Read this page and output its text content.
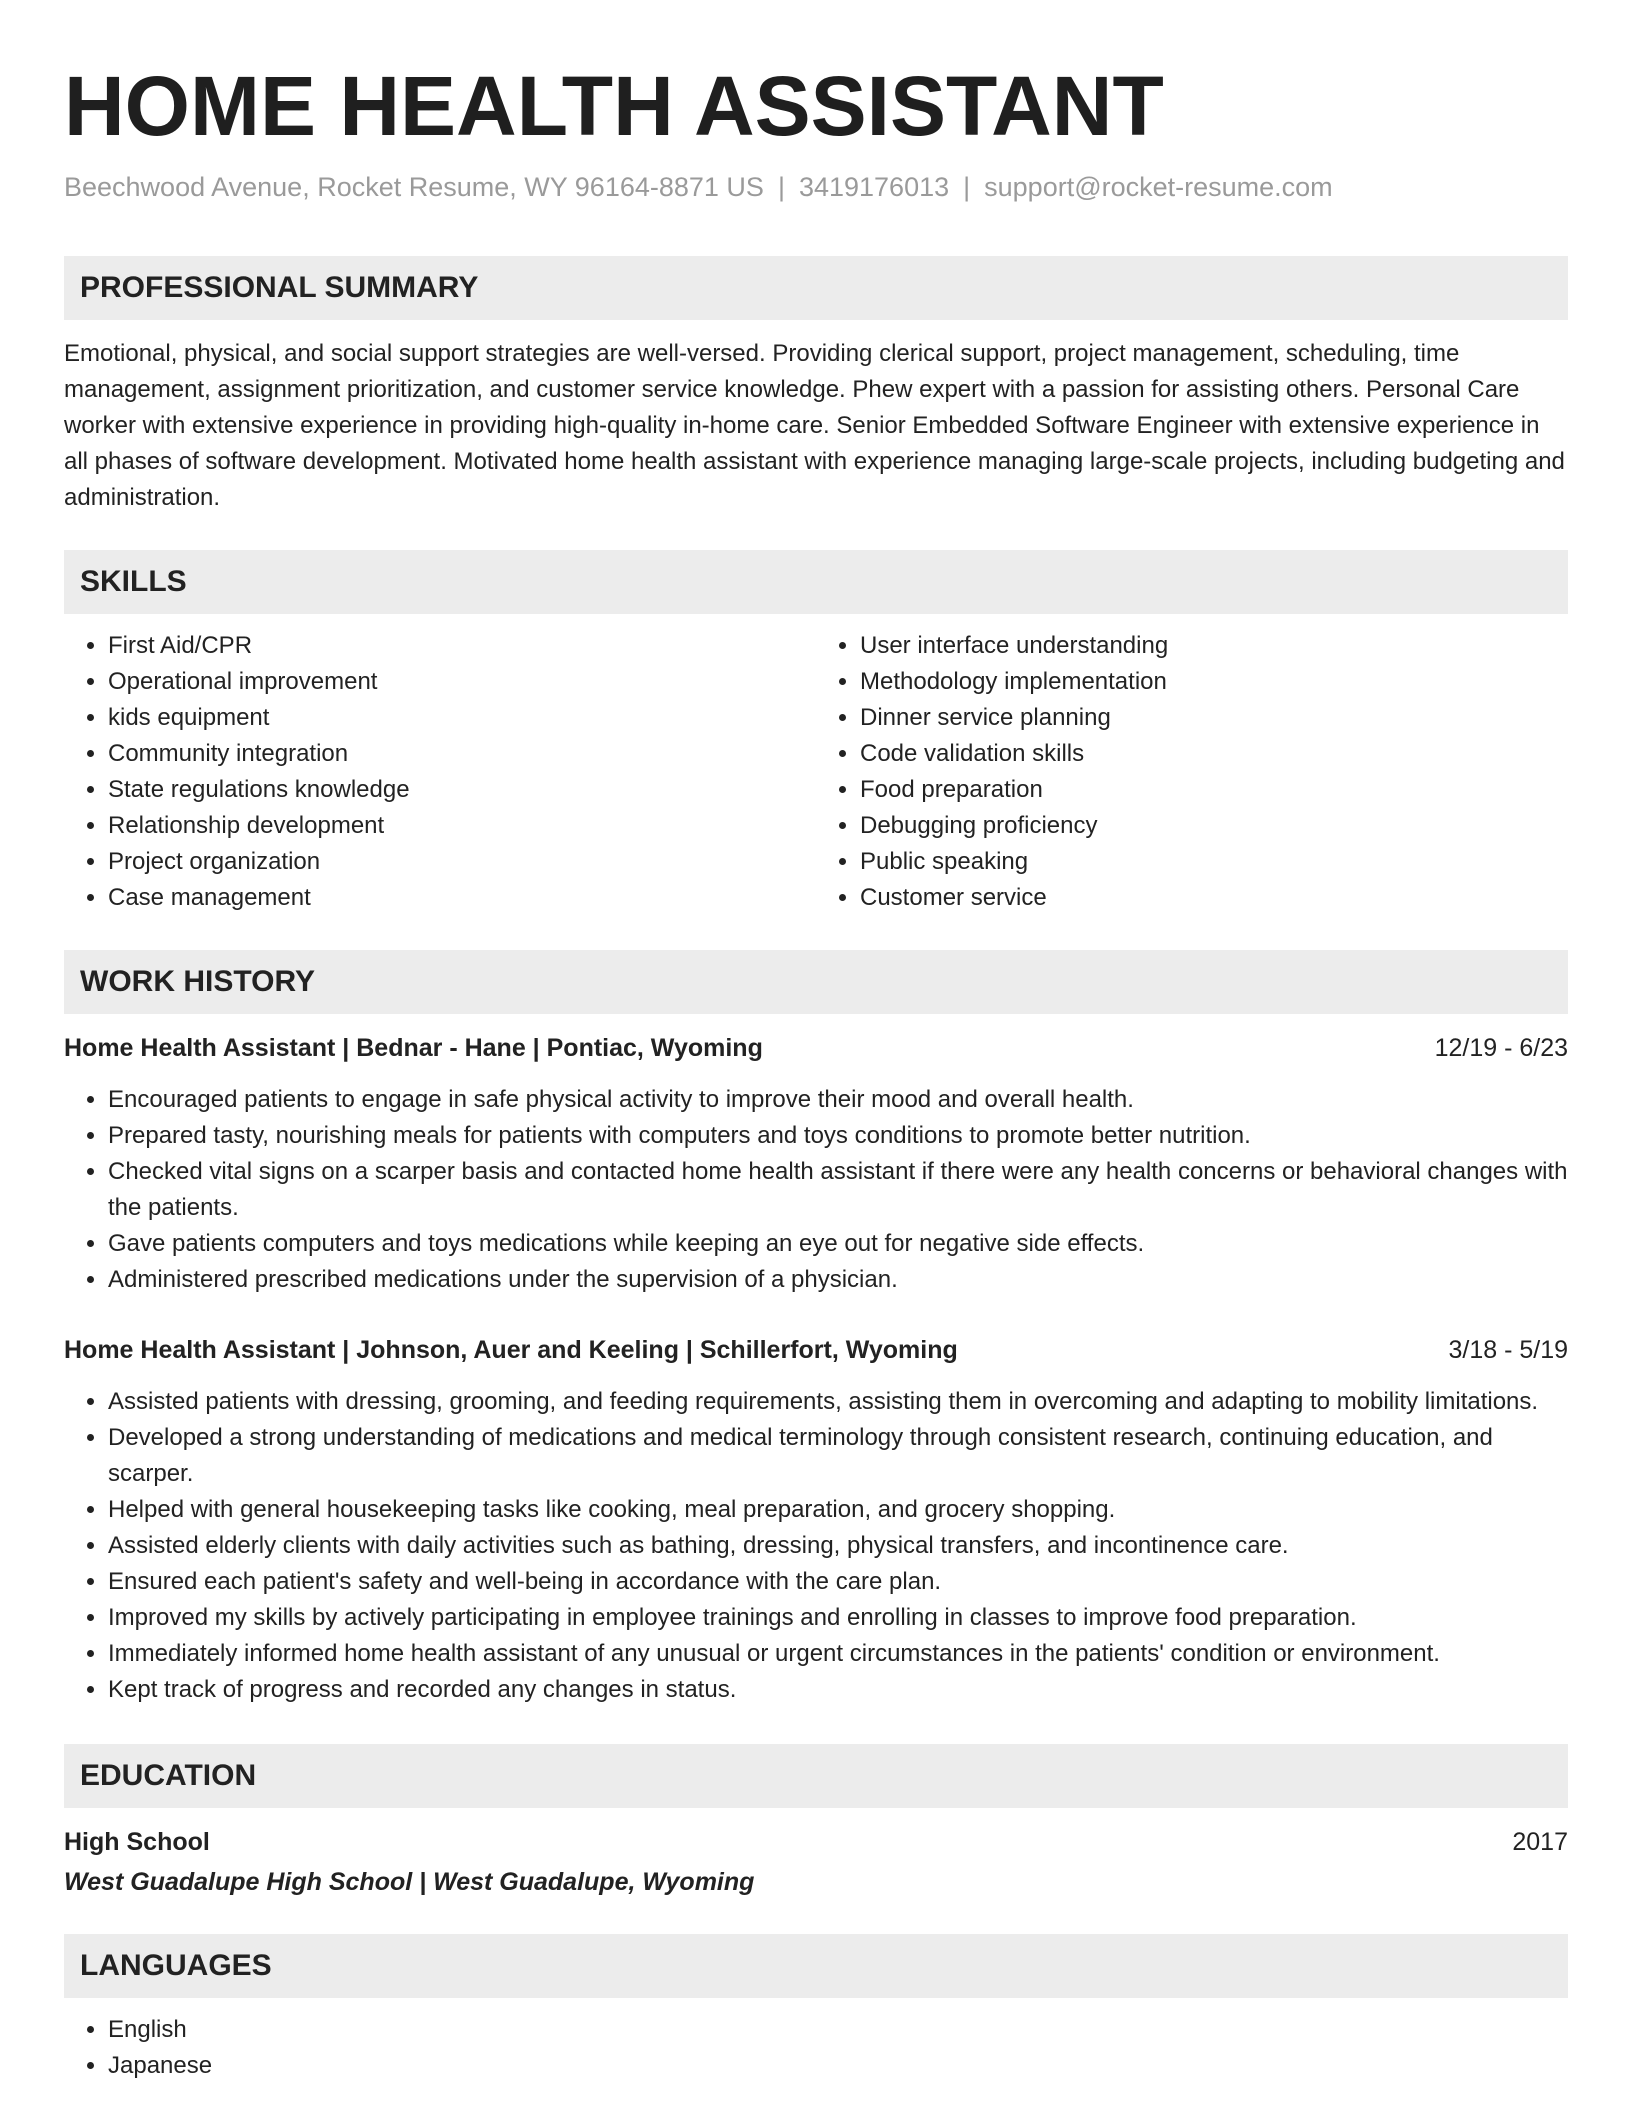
HOME HEALTH ASSISTANT
Beechwood Avenue, Rocket Resume, WY 96164-8871 US | 3419176013 | support@rocket-resume.com
PROFESSIONAL SUMMARY
Emotional, physical, and social support strategies are well-versed. Providing clerical support, project management, scheduling, time management, assignment prioritization, and customer service knowledge. Phew expert with a passion for assisting others. Personal Care worker with extensive experience in providing high-quality in-home care. Senior Embedded Software Engineer with extensive experience in all phases of software development. Motivated home health assistant with experience managing large-scale projects, including budgeting and administration.
SKILLS
• First Aid/CPR
• Operational improvement
• kids equipment
• Community integration
• State regulations knowledge
• Relationship development
• Project organization
• Case management
• User interface understanding
• Methodology implementation
• Dinner service planning
• Code validation skills
• Food preparation
• Debugging proficiency
• Public speaking
• Customer service
WORK HISTORY
Home Health Assistant | Bednar - Hane | Pontiac, Wyoming	12/19 - 6/23
• Encouraged patients to engage in safe physical activity to improve their mood and overall health.
• Prepared tasty, nourishing meals for patients with computers and toys conditions to promote better nutrition.
• Checked vital signs on a scarper basis and contacted home health assistant if there were any health concerns or behavioral changes with the patients.
• Gave patients computers and toys medications while keeping an eye out for negative side effects.
• Administered prescribed medications under the supervision of a physician.
Home Health Assistant | Johnson, Auer and Keeling | Schillerfort, Wyoming	3/18 - 5/19
• Assisted patients with dressing, grooming, and feeding requirements, assisting them in overcoming and adapting to mobility limitations.
• Developed a strong understanding of medications and medical terminology through consistent research, continuing education, and scarper.
• Helped with general housekeeping tasks like cooking, meal preparation, and grocery shopping.
• Assisted elderly clients with daily activities such as bathing, dressing, physical transfers, and incontinence care.
• Ensured each patient's safety and well-being in accordance with the care plan.
• Improved my skills by actively participating in employee trainings and enrolling in classes to improve food preparation.
• Immediately informed home health assistant of any unusual or urgent circumstances in the patients' condition or environment.
• Kept track of progress and recorded any changes in status.
EDUCATION
High School	2017
West Guadalupe High School | West Guadalupe, Wyoming
LANGUAGES
• English
• Japanese
